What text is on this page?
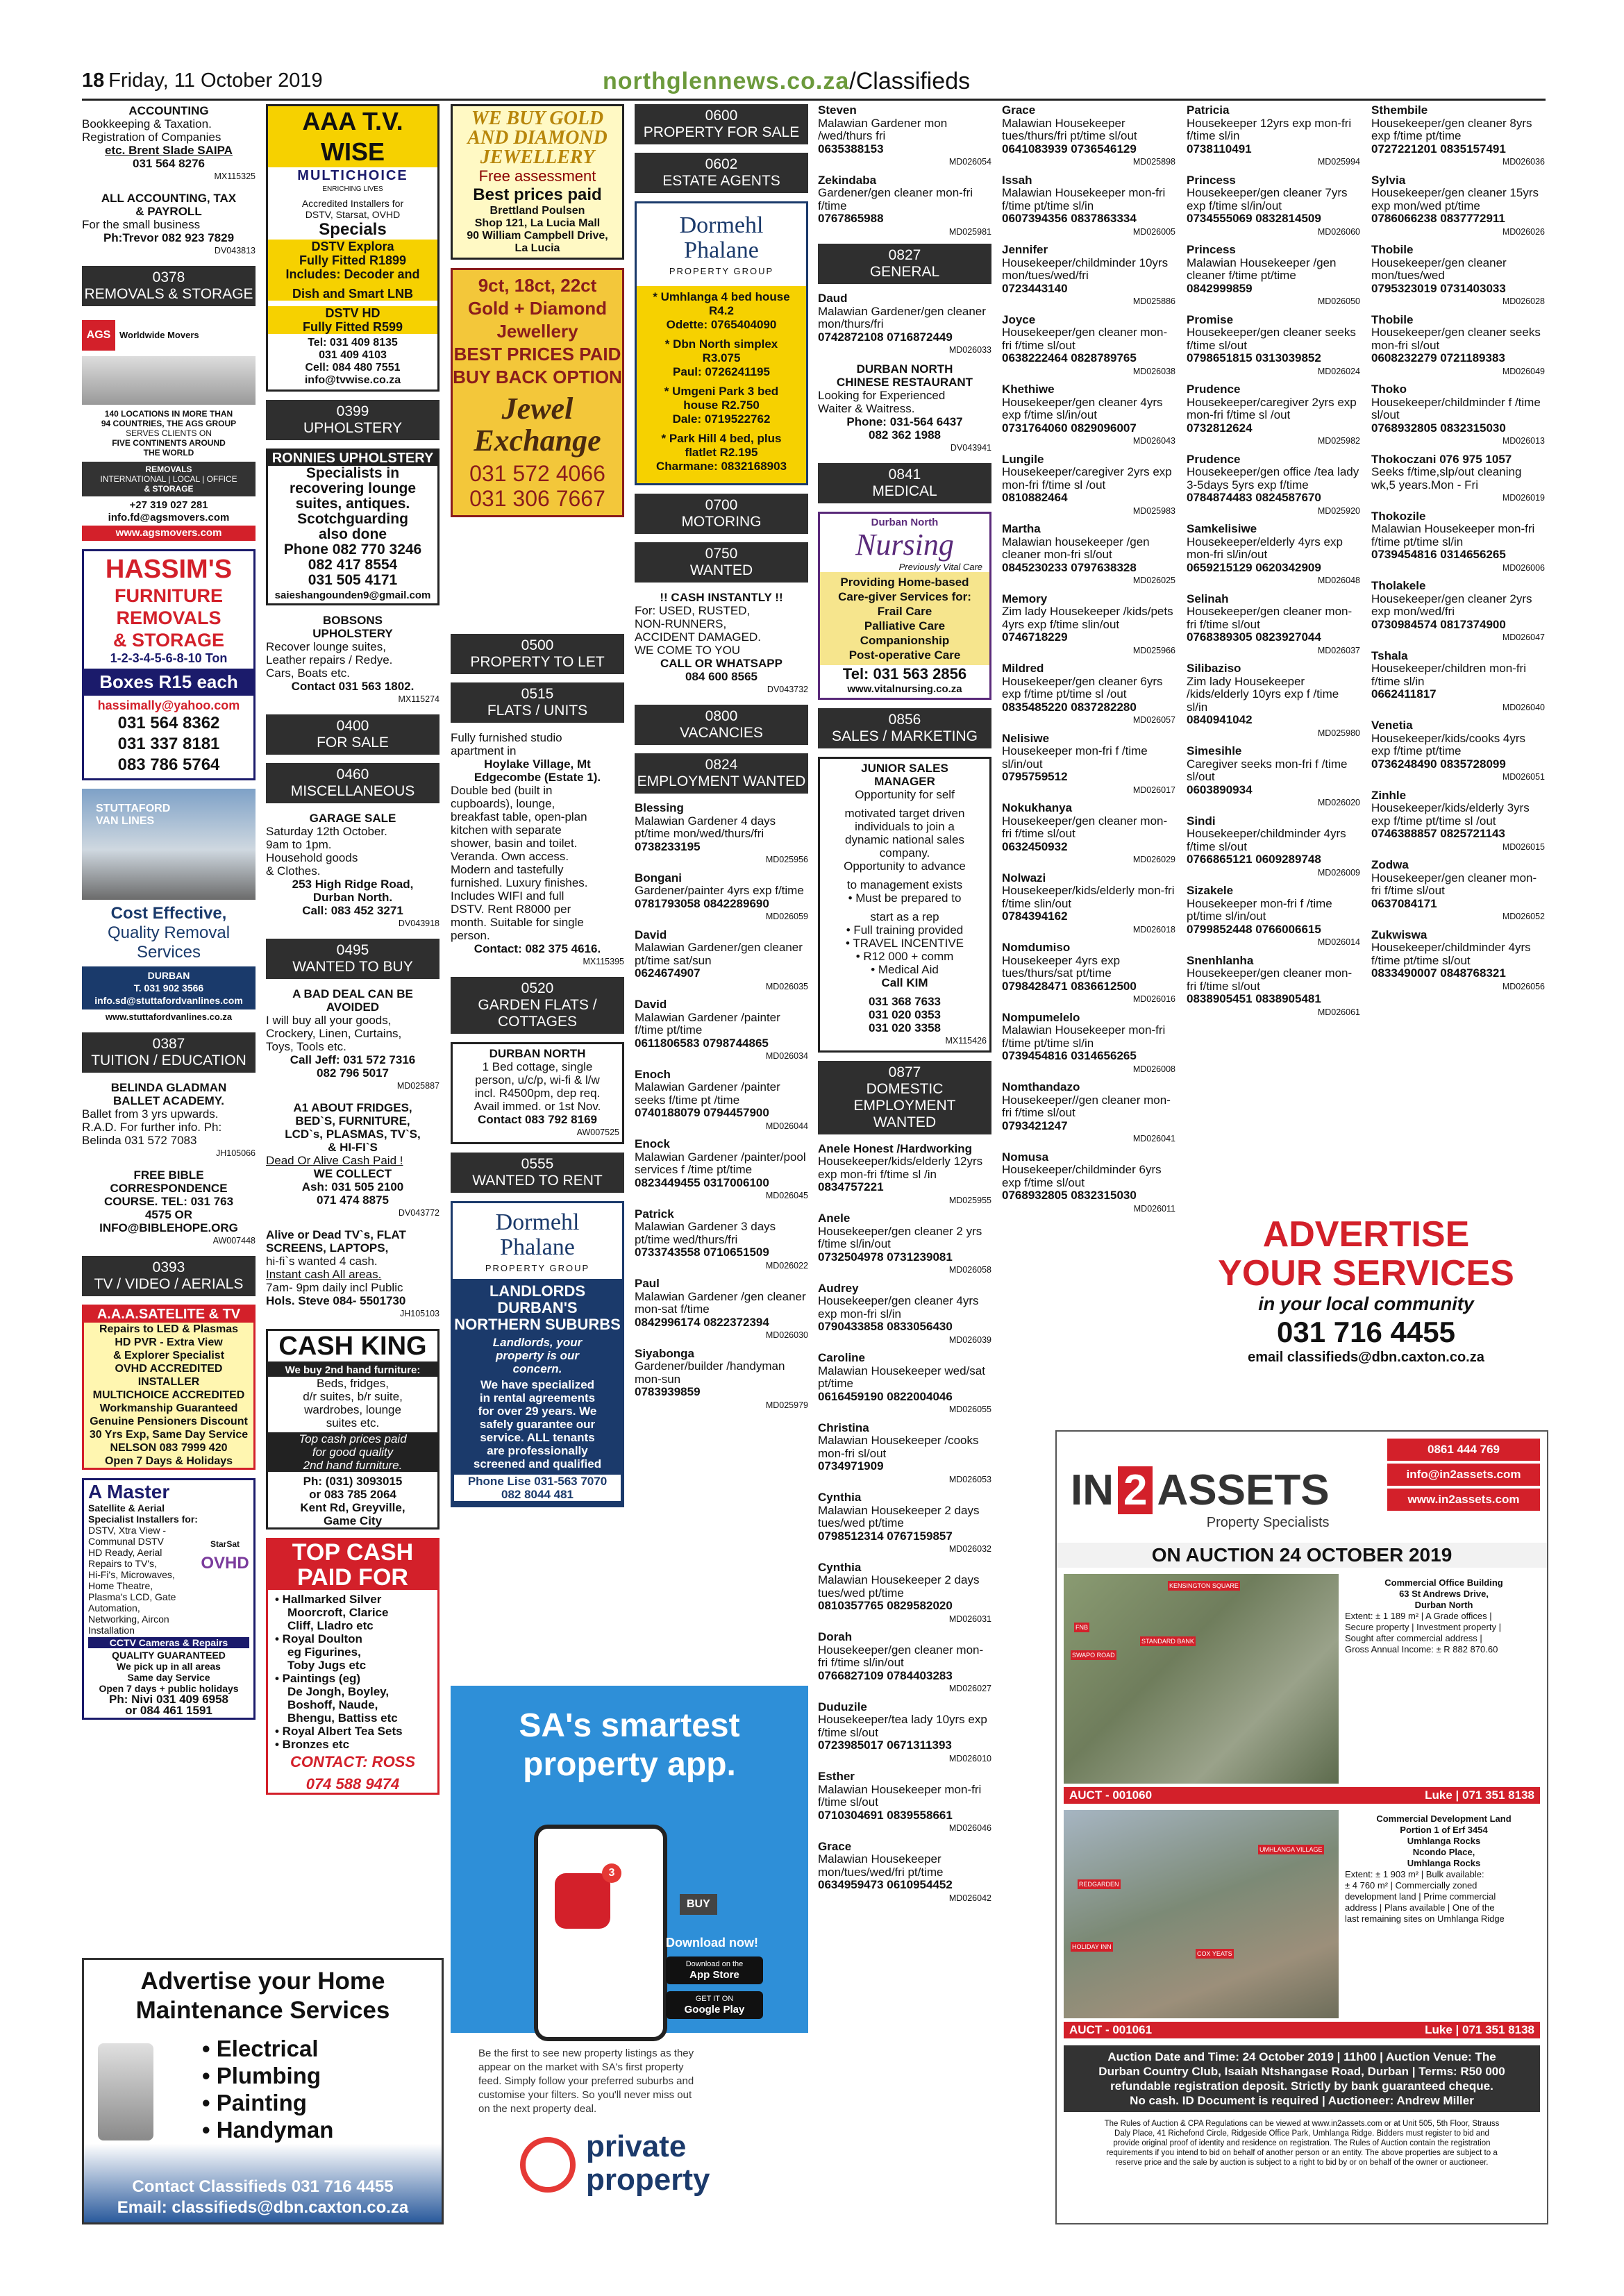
18 Friday, 11 October 2019	northglennews.co.za/Classifieds
ACCOUNTING
Bookkeeping & Taxation.
Registration of Companies
etc. Brent Slade SAIPA
031 564 8276
MX115325
ALL ACCOUNTING, TAX
& PAYROLL
For the small business
Ph:Trevor 082 923 7829
DV043813
0378
REMOVALS & STORAGE
AGS Worldwide Movers
140 LOCATIONS IN MORE THAN
94 COUNTRIES, THE AGS GROUP
SERVES CLIENTS ON
FIVE CONTINENTS AROUND
THE WORLD
REMOVALS
INTERNATIONAL | LOCAL | OFFICE
& STORAGE
+27 319 027 281
info.fd@agsmovers.com
www.agsmovers.com
HASSIM'S
FURNITURE
REMOVALS
& STORAGE
1-2-3-4-5-6-8-10 Ton
Boxes R15 each
hassimally@yahoo.com
031 564 8362
031 337 8181
083 786 5764
STUTTAFORD
VAN LINES
Cost Effective,
Quality Removal
Services
DURBAN
T. 031 902 3566
info.sd@stuttafordvanlines.com
www.stuttafordvanlines.co.za
0387
TUITION / EDUCATION
BELINDA GLADMAN
BALLET ACADEMY.
Ballet from 3 yrs upwards.
R.A.D. For further info. Ph:
Belinda 031 572 7083
JH105066
FREE BIBLE
CORRESPONDENCE
COURSE. TEL: 031 763
4575 OR
INFO@BIBLEHOPE.ORG
AW007448
0393
TV / VIDEO / AERIALS
A.A.A.SATELITE & TV
Repairs to LED & Plasmas
HD PVR - Extra View
& Explorer Specialist
OVHD ACCREDITED INSTALLER
MULTICHOICE ACCREDITED
Workmanship Guaranteed
Genuine Pensioners Discount
30 Yrs Exp, Same Day Service
NELSON 083 7999 420
Open 7 Days & Holidays
A Master
Satellite & Aerial
Specialist Installers for:
DSTV, Xtra View -
Communal DSTV
HD Ready, Aerial
Repairs to TV's,
Hi-Fi's, Microwaves,
Home Theatre,
Plasma's LCD, Gate Automation,
Networking, Aircon Installation
StarSat
OVHD
CCTV Cameras & Repairs
QUALITY GUARANTEED
We pick up in all areas
Same day Service
Open 7 days + public holidays
Ph: Nivi 031 409 6958
or 084 461 1591
AAA T.V. WISE
MULTICHOICE
ENRICHING LIVES
Accredited Installers for
DSTV, Starsat, OVHD
Specials
DSTV Explora
Fully Fitted R1899
Includes: Decoder and
Dish and Smart LNB
DSTV HD
Fully Fitted R599
Tel: 031 409 8135
031 409 4103
Cell: 084 480 7551
info@tvwise.co.za
0399
UPHOLSTERY
RONNIES UPHOLSTERY
Specialists in
recovering lounge
suites, antiques.
Scotchguarding
also done
Phone 082 770 3246
082 417 8554
031 505 4171
saieshangounden9@gmail.com
BOBSONS
UPHOLSTERY
Recover lounge suites,
Leather repairs / Redye.
Cars, Boats etc.
Contact 031 563 1802.
MX115274
0400
FOR SALE
0460
MISCELLANEOUS
GARAGE SALE
Saturday 12th October.
9am to 1pm.
Household goods
& Clothes.
253 High Ridge Road,
Durban North.
Call: 083 452 3271
DV043918
0495
WANTED TO BUY
A BAD DEAL CAN BE
AVOIDED
I will buy all your goods,
Crockery, Linen, Curtains,
Toys, Tools etc.
Call Jeff: 031 572 7316
082 796 5017
MD025887
A1 ABOUT FRIDGES,
BED`S, FURNITURE,
LCD`s, PLASMAS, TV`S,
& HI-FI`S
Dead Or Alive Cash Paid !
WE COLLECT
Ash: 031 505 2100
071 474 8875
DV043772
Alive or Dead TV`s, FLAT
SCREENS, LAPTOPS,
hi-fi`s wanted 4 cash.
Instant cash All areas.
7am- 9pm daily incl Public
Hols. Steve 084- 5501730
JH105103
CASH KING
We buy 2nd hand furniture:
Beds, fridges,
d/r suites, b/r suite,
wardrobes, lounge
suites etc.
Top cash prices paid
for good quality
2nd hand furniture.
Ph: (031) 3093015
or 083 785 2064
Kent Rd, Greyville,
Game City
TOP CASH
PAID FOR
• Hallmarked Silver
Moorcroft, Clarice
Cliff, Lladro etc
• Royal Doulton
eg Figurines,
Toby Jugs etc
• Paintings (eg)
De Jongh, Boyley,
Boshoff, Naude,
Bhengu, Battiss etc
• Royal Albert Tea Sets
• Bronzes etc
CONTACT: ROSS
074 588 9474
Advertise your Home
Maintenance Services
• Electrical
• Plumbing
• Painting
• Handyman
Contact Classifieds 031 716 4455
Email: classifieds@dbn.caxton.co.za
WE BUY GOLD
AND DIAMOND
JEWELLERY
Free assessment
Best prices paid
Brettland Poulsen
Shop 121, La Lucia Mall
90 William Campbell Drive,
La Lucia
9ct, 18ct, 22ct
Gold + Diamond
Jewellery
BEST PRICES PAID
BUY BACK OPTION
Jewel
Exchange
031 572 4066
031 306 7667
0500
PROPERTY TO LET
0515
FLATS / UNITS
Fully furnished studio
apartment in
Hoylake Village, Mt
Edgecombe (Estate 1).
Double bed (built in
cupboards), lounge,
breakfast table, open-plan
kitchen with separate
shower, basin and toilet.
Veranda. Own access.
Modern and tastefully
furnished. Luxury finishes.
Includes WIFI and full
DSTV. Rent R8000 per
month. Suitable for single
person.
Contact: 082 375 4616.
MX115395
0520
GARDEN FLATS /
COTTAGES
DURBAN NORTH
1 Bed cottage, single
person, u/c/p, wi-fi & l/w
incl. R4500pm, dep req.
Avail immed. or 1st Nov.
Contact 083 792 8169
AW007525
0555
WANTED TO RENT
Dormehl
Phalane
PROPERTY GROUP
LANDLORDS
DURBAN'S
NORTHERN SUBURBS
Landlords, your
property is our
concern.
We have specialized
in rental agreements
for over 29 years. We
safely guarantee our
service. ALL tenants
are professionally
screened and qualified
Phone Lise 031-563 7070
082 8044 481
0600
PROPERTY FOR SALE
0602
ESTATE AGENTS
Dormehl
Phalane
PROPERTY GROUP
* Umhlanga 4 bed house
R4.2
Odette: 0765404090
* Dbn North simplex
R3.075
Paul: 0726241195
* Umgeni Park 3 bed
house R2.750
Dale: 0719522762
* Park Hill 4 bed, plus
flatlet R2.195
Charmane: 0832168903
0700
MOTORING
0750
WANTED
!! CASH INSTANTLY !!
For: USED, RUSTED,
NON-RUNNERS,
ACCIDENT DAMAGED.
WE COME TO YOU
CALL OR WHATSAPP
084 600 8565
DV043732
0800
VACANCIES
0824
EMPLOYMENT WANTED
Blessing
Malawian Gardener 4 days pt/time mon/wed/thurs/fri
0738233195
MD025956
Bongani
Gardener/painter 4yrs exp f/time
0781793058 0842289690
MD026059
David
Malawian Gardener/gen cleaner pt/time sat/sun
0624674907
MD026035
David
Malawian Gardener /painter f/time pt/time
0611806583 0798744865
MD026034
Enoch
Malawian Gardener /painter seeks f/time pt /time
0740188079 0794457900
MD026044
Enock
Malawian Gardener /painter/pool services f /time pt/time
0823449455 0317006100
MD026045
Patrick
Malawian Gardener 3 days pt/time wed/thurs/fri
0733743558 0710651509
MD026022
Paul
Malawian Gardener /gen cleaner mon-sat f/time
0842996174 0822372394
MD026030
Siyabonga
Gardener/builder /handyman mon-sun
0783939859
MD025979
SA's smartest
property app.
3
BUY
Download now!
Download on the
App Store
GET IT ON
Google Play
Be the first to see new property listings as they
appear on the market with SA's first property
feed. Simply follow your preferred suburbs and
customise your filters. So you'll never miss out
on the next property deal.
private
property
Steven
Malawian Gardener mon /wed/thurs fri
0635388153
MD026054
Zekindaba
Gardener/gen cleaner mon-fri f/time
0767865988
MD025981
0827
GENERAL
Daud
Malawian Gardener/gen cleaner mon/thurs/fri
0742872108 0716872449
MD026033
DURBAN NORTH
CHINESE RESTAURANT
Looking for Experienced
Waiter & Waitress.
Phone: 031-564 6437
082 362 1988
DV043941
0841
MEDICAL
Durban North
Nursing
Previously Vital Care
Providing Home-based
Care-giver Services for:
Frail Care
Palliative Care
Companionship
Post-operative Care
Tel: 031 563 2856
www.vitalnursing.co.za
0856
SALES / MARKETING
JUNIOR SALES
MANAGER
Opportunity for self
motivated target driven
individuals to join a
dynamic national sales
company.
Opportunity to advance
to management exists
• Must be prepared to
start as a rep
• Full training provided
• TRAVEL INCENTIVE
• R12 000 + comm
• Medical Aid
Call KIM
031 368 7633
031 020 0353
031 020 3358
MX115426
0877
DOMESTIC EMPLOYMENT
WANTED
Anele Honest /Hardworking
Housekeeper/kids/elderly 12yrs exp mon-fri f/time sl /in
0834757221
MD025955
Anele
Housekeeper/gen cleaner 2 yrs f/time sl/in/out
0732504978 0731239081
MD026058
Audrey
Housekeeper/gen cleaner 4yrs exp mon-fri sl/in
0790433858 0833056430
MD026039
Caroline
Malawian Housekeeper wed/sat pt/time
0616459190 0822004046
MD026055
Christina
Malawian Housekeeper /cooks mon-fri sl/out
0734971909
MD026053
Cynthia
Malawian Housekeeper 2 days tues/wed pt/time
0798512314 0767159857
MD026032
Cynthia
Malawian Housekeeper 2 days tues/wed pt/time
0810357765 0829582020
MD026031
Dorah
Housekeeper/gen cleaner mon-fri f/time sl/in/out
0766827109 0784403283
MD026027
Duduzile
Housekeeper/tea lady 10yrs exp f/time sl/out
0723985017 0671311393
MD026010
Esther
Malawian Housekeeper mon-fri f/time sl/out
0710304691 0839558661
MD026046
Grace
Malawian Housekeeper mon/tues/wed/fri pt/time
0634959473 0610954452
MD026042
Grace
Malawian Housekeeper tues/thurs/fri pt/time sl/out
0641083939 0736546129
MD025898
Issah
Malawian Housekeeper mon-fri f/time pt/time sl/in
0607394356 0837863334
MD026005
Jennifer
Housekeeper/childminder 10yrs mon/tues/wed/fri
0723443140
MD025886
Joyce
Housekeeper/gen cleaner mon-fri f/time sl/out
0638222464 0828789765
MD026038
Khethiwe
Housekeeper/gen cleaner 4yrs exp f/time sl/in/out
0731764060 0829096007
MD026043
Lungile
Housekeeper/caregiver 2yrs exp mon-fri f/time sl /out
0810882464
MD025983
Martha
Malawian housekeeper /gen cleaner mon-fri sl/out
0845230233 0797638328
MD026025
Memory
Zim lady Housekeeper /kids/pets 4yrs exp f/time slin/out
0746718229
MD025966
Mildred
Housekeeper/gen cleaner 6yrs exp f/time pt/time sl /out
0835485220 0837282280
MD026057
Nelisiwe
Housekeeper mon-fri f /time sl/in/out
0795759512
MD026017
Nokukhanya
Housekeeper/gen cleaner mon-fri f/time sl/out
0632450932
MD026029
Nolwazi
Housekeeper/kids/elderly mon-fri f/time slin/out
0784394162
MD026018
Nomdumiso
Housekeeper 4yrs exp tues/thurs/sat pt/time
0798428471 0836612500
MD026016
Nompumelelo
Malawian Housekeeper mon-fri f/time pt/time sl/in
0739454816 0314656265
MD026008
Nomthandazo
Housekeeper//gen cleaner mon-fri f/time sl/out
0793421247
MD026041
Nomusa
Housekeeper/childminder 6yrs exp f/time sl/out
0768932805 0832315030
MD026011
Patricia
Housekeeper 12yrs exp mon-fri f/time sl/in
0738110491
MD025994
Princess
Housekeeper/gen cleaner 7yrs exp f/time sl/in/out
0734555069 0832814509
MD026060
Princess
Malawian Housekeeper /gen cleaner f/time pt/time
0842999859
MD026050
Promise
Housekeeper/gen cleaner seeks f/time sl/out
0798651815 0313039852
MD026024
Prudence
Housekeeper/caregiver 2yrs exp mon-fri f/time sl /out
0732812624
MD025982
Prudence
Housekeeper/gen office /tea lady 3-5days 5yrs exp f/time
0784874483 0824587670
MD025920
Samkelisiwe
Housekeeper/elderly 4yrs exp mon-fri sl/in/out
0659215129 0620342909
MD026048
Selinah
Housekeeper/gen cleaner mon-fri f/time sl/out
0768389305 0823927044
MD026037
Silibaziso
Zim lady Housekeeper /kids/elderly 10yrs exp f /time sl/in
0840941042
MD025980
Simesihle
Caregiver seeks mon-fri f /time sl/out
0603890934
MD026020
Sindi
Housekeeper/childminder 4yrs f/time sl/out
0766865121 0609289748
MD026009
Sizakele
Housekeeper mon-fri f /time pt/time sl/in/out
0799852448 0766006615
MD026014
Snenhlanha
Housekeeper/gen cleaner mon-fri f/time sl/out
0838905451 0838905481
MD026061
Sthembile
Housekeeper/gen cleaner 8yrs exp f/time pt/time
0727221201 0835157491
MD026036
Sylvia
Housekeeper/gen cleaner 15yrs exp mon/wed pt/time
0786066238 0837772911
MD026026
Thobile
Housekeeper/gen cleaner mon/tues/wed
0795323019 0731403033
MD026028
Thobile
Housekeeper/gen cleaner seeks mon-fri sl/out
0608232279 0721189383
MD026049
Thoko
Housekeeper/childminder f /time sl/out
0768932805 0832315030
MD026013
Thokoczani 076 975 1057
Seeks f/time,slp/out cleaning wk,5 years.Mon - Fri
MD026019
Thokozile
Malawian Housekeeper mon-fri f/time pt/time sl/in
0739454816 0314656265
MD026006
Tholakele
Housekeeper/gen cleaner 2yrs exp mon/wed/fri
0730984574 0817374900
MD026047
Tshala
Housekeeper/children mon-fri f/time sl/in
0662411817
MD026040
Venetia
Housekeeper/kids/cooks 4yrs exp f/time pt/time
0736248490 0835728099
MD026051
Zinhle
Housekeeper/kids/elderly 3yrs exp f/time pt/time sl /out
0746388857 0825721143
MD026015
Zodwa
Housekeeper/gen cleaner mon-fri f/time sl/out
0637084171
MD026052
Zukwiswa
Housekeeper/childminder 4yrs f/time pt/time sl/out
0833490007 0848768321
MD026056
ADVERTISE
YOUR SERVICES
in your local community
031 716 4455
email classifieds@dbn.caxton.co.za
IN 2 ASSETS
Property Specialists
0861 444 769
info@in2assets.com
www.in2assets.com
ON AUCTION 24 OCTOBER 2019
KENSINGTON SQUARE
FNB
SWAPO ROAD
STANDARD BANK
Commercial Office Building
63 St Andrews Drive,
Durban North
Extent: ± 1 189 m² | A Grade offices |
Secure property | Investment property |
Sought after commercial address |
Gross Annual Income: ± R 882 870.60
AUCT - 001060	Luke | 071 351 8138
UMHLANGA VILLAGE
REDGARDEN
HOLIDAY INN
COX YEATS
Commercial Development Land
Portion 1 of Erf 3454
Umhlanga Rocks
Ncondo Place,
Umhlanga Rocks
Extent: ± 1 903 m² | Bulk available:
± 4 760 m² | Commercially zoned
development land | Prime commercial
address | Plans available | One of the
last remaining sites on Umhlanga Ridge
AUCT - 001061	Luke | 071 351 8138
Auction Date and Time: 24 October 2019 | 11h00 | Auction Venue: The
Durban Country Club, Isaiah Ntshangase Road, Durban | Terms: R50 000
refundable registration deposit. Strictly by bank guaranteed cheque.
No cash. ID Document is required | Auctioneer: Andrew Miller
The Rules of Auction & CPA Regulations can be viewed at www.in2assets.com or at Unit 505, 5th Floor, Strauss
Daly Place, 41 Richefond Circle, Ridgeside Office Park, Umhlanga Ridge. Bidders must register to bid and
provide original proof of identity and residence on registration. The Rules of Auction contain the registration
requirements if you intend to bid on behalf of another person or an entity. The above properties are subject to a
reserve price and the sale by auction is subject to a right to bid by or on behalf of the owner or auctioneer.
